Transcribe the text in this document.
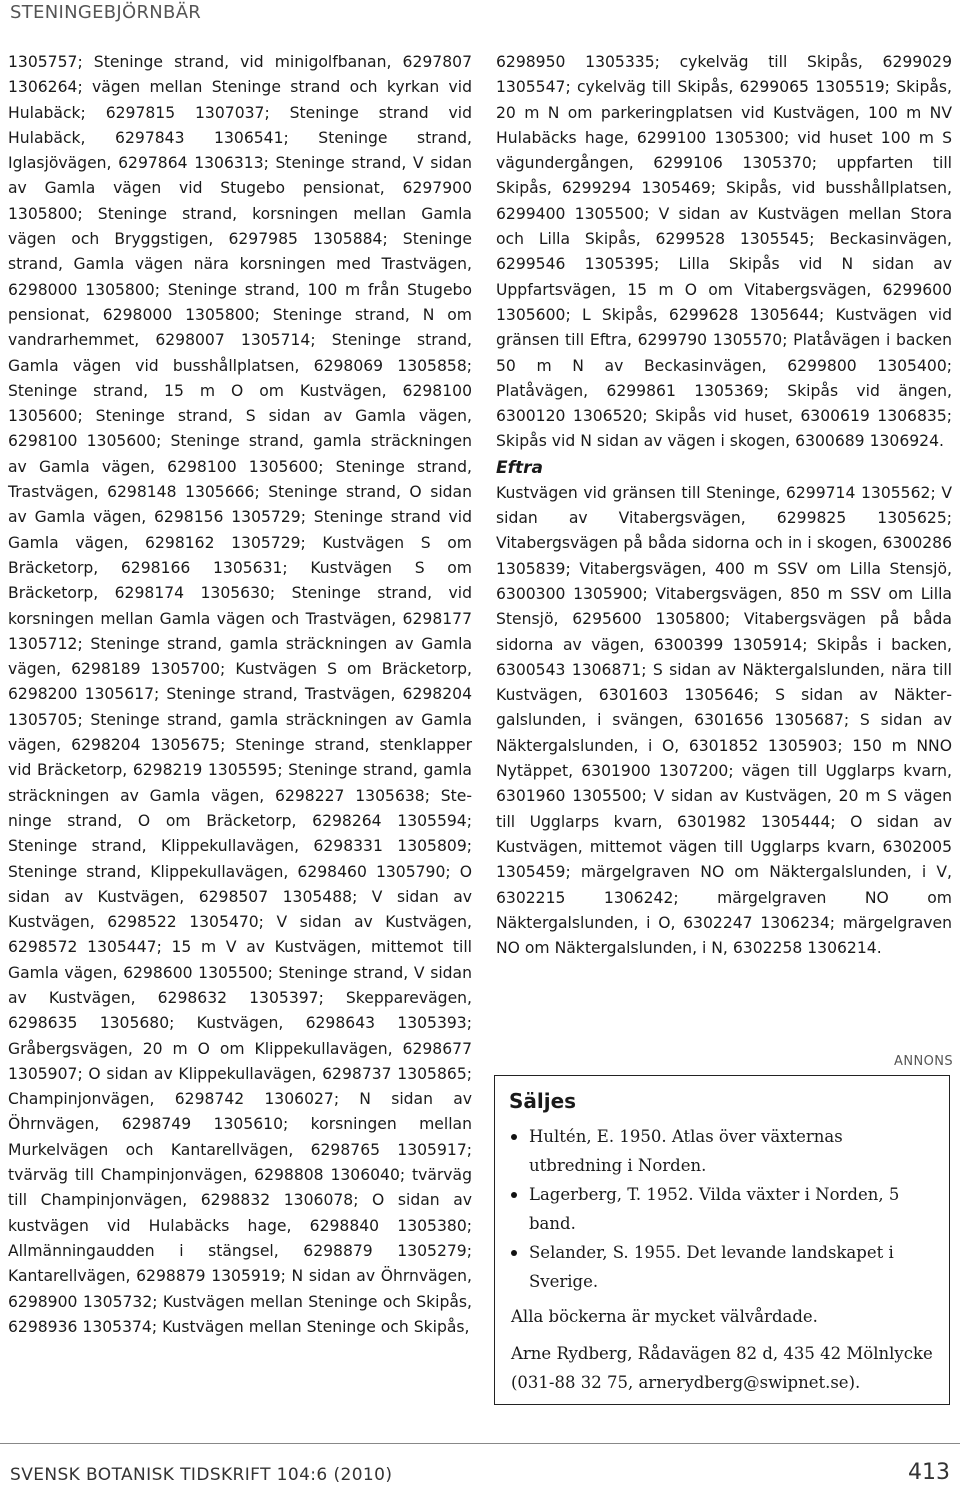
STENINGEBJÖRNBÄR

1305757; Steninge strand, vid minigolfbanan, 6297807 1306264; vägen mellan Steninge strand och kyrkan vid Hulabäck; 6297815 1307037; Steninge strand vid Hulabäck, 6297843 1306541; Steninge strand, Iglasjövägen, 6297864 1306313; Steninge strand, V sidan av Gamla vägen vid Stugebo pensionat, 6297900 1305800; Steninge strand, korsningen mellan Gamla vägen och Bryggstigen, 6297985 1305884; Steninge strand, Gamla vägen nära korsningen med Trastvägen, 6298000 1305800; Steninge strand, 100 m från Stugebo pensionat, 6298000 1305800; Steninge strand, N om vandrarhemmet, 6298007 1305714; Steninge strand, Gamla vägen vid busshållplatsen, 6298069 1305858; Steninge strand, 15 m O om Kustvägen, 6298100 1305600; Steninge strand, S sidan av Gamla vägen, 6298100 1305600; Steninge strand, gamla sträckningen av Gamla vägen, 6298100 1305600; Steninge strand, Trastvägen, 6298148 1305666; Steninge strand, O sidan av Gamla vägen, 6298156 1305729; Steninge strand vid Gamla vägen, 6298162 1305729; Kustvägen S om Bräcketorp, 6298166 1305631; Kustvägen S om Bräcketorp, 6298174 1305630; Steninge strand, vid korsningen mellan Gamla vägen och Trastvägen, 6298177 1305712; Steninge strand, gamla sträckningen av Gamla vägen, 6298189 1305700; Kustvägen S om Bräcketorp, 6298200 1305617; Steninge strand, Trastvägen, 6298204 1305705; Steninge strand, gamla sträckningen av Gamla vägen, 6298204 1305675; Steninge strand, stenklapper vid Bräcketorp, 6298219 1305595; Steninge strand, gamla sträckningen av Gamla vägen, 6298227 1305638; Steninge strand, O om Bräcketorp, 6298264 1305594; Steninge strand, Klippekullavägen, 6298331 1305809; Steninge strand, Klippekullavägen, 6298460 1305790; O sidan av Kustvägen, 6298507 1305488; V sidan av Kustvägen, 6298522 1305470; V sidan av Kustvägen, 6298572 1305447; 15 m V av Kustvägen, mittemot till Gamla vägen, 6298600 1305500; Steninge strand, V sidan av Kustvägen, 6298632 1305397; Skepparevägen, 6298635 1305680; Kustvägen, 6298643 1305393; Gråbergsvägen, 20 m O om Klippekullavägen, 6298677 1305907; O sidan av Klippekullavägen, 6298737 1305865; Champinjonvägen, 6298742 1306027; N sidan av Öhrnvägen, 6298749 1305610; korsningen mellan Murkelvägen och Kantarellvägen, 6298765 1305917; tvärväg till Champinjonvägen, 6298808 1306040; tvärväg till Champinjonvägen, 6298832 1306078; O sidan av kustvägen vid Hulabäcks hage, 6298840 1305380; Allmänningaudden i stängsel, 6298879 1305279; Kantarellvägen, 6298879 1305919; N sidan av Öhrnvägen, 6298900 1305732; Kustvägen mellan Steninge och Skipås, 6298936 1305374; Kustvägen mellan Steninge och Skipås,

6298950 1305335; cykelväg till Skipås, 6299029 1305547; cykelväg till Skipås, 6299065 1305519; Skipås, 20 m N om parkeringplatsen vid Kustvägen, 100 m NV Hulabäcks hage, 6299100 1305300; vid huset 100 m S vägundergången, 6299106 1305370; uppfarten till Skipås, 6299294 1305469; Skipås, vid busshållplatsen, 6299400 1305500; V sidan av Kustvägen mellan Stora och Lilla Skipås, 6299528 1305545; Beckasinvägen, 6299546 1305395; Lilla Skipås vid N sidan av Uppfartsvägen, 15 m O om Vitabergsvägen, 6299600 1305600; L Skipås, 6299628 1305644; Kustvägen vid gränsen till Eftra, 6299790 1305570; Platåvägen i backen 50 m N av Beckasinvägen, 6299800 1305400; Platåvägen, 6299861 1305369; Skipås vid ängen, 6300120 1306520; Skipås vid huset, 6300619 1306835; Skipås vid N sidan av vägen i skogen, 6300689 1306924.

Eftra

Kustvägen vid gränsen till Steninge, 6299714 1305562; V sidan av Vitabergsvägen, 6299825 1305625; Vitabergsvägen på båda sidorna och in i skogen, 6300286 1305839; Vitabergsvägen, 400 m SSV om Lilla Stensjö, 6300300 1305900; Vitabergsvägen, 850 m SSV om Lilla Stensjö, 6295600 1305800; Vitabergsvägen på båda sidorna av vägen, 6300399 1305914; Skipås i backen, 6300543 1306871; S sidan av Näktergalslunden, nära till Kustvägen, 6301603 1305646; S sidan av Näktergalslunden, i svängen, 6301656 1305687; S sidan av Näktergalslunden, i O, 6301852 1305903; 150 m NNO Nytäppet, 6301900 1307200; vägen till Ugglarps kvarn, 6301960 1305500; V sidan av Kustvägen, 20 m S vägen till Ugglarps kvarn, 6301982 1305444; O sidan av Kustvägen, mittemot vägen till Ugglarps kvarn, 6302005 1305459; märgelgraven NO om Näktergalslunden, i V, 6302215 1306242; märgelgraven NO om Näktergalslunden, i O, 6302247 1306234; märgelgraven NO om Näktergalslunden, i N, 6302258 1306214.

ANNONS
Säljes
Hultén, E. 1950. Atlas över växternas utbredning i Norden.
Lagerberg, T. 1952. Vilda växter i Norden, 5 band.
Selander, S. 1955. Det levande landskapet i Sverige.
Alla böckerna är mycket välvårdade.
Arne Rydberg, Rådavägen 82 d, 435 42 Mölnlycke (031-88 32 75, arnerydberg@swipnet.se).
SVENSK BOTANISK TIDSKRIFT 104:6 (2010)	413
